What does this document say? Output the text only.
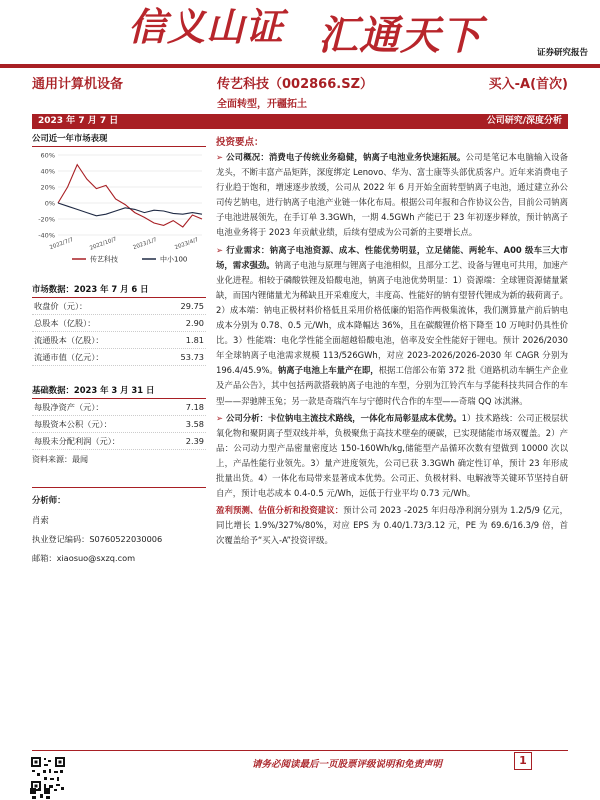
信义山证 汇通天下	证券研究报告
通用计算机设备	传艺科技（002866.SZ）	买入-A(首次)
全面转型，开疆拓土
2023 年 7 月 7 日	公司研究/深度分析
公司近一年市场表现
60%
40%
20%
0%
-20%
-40%
2022/7/7	2022/10/7	2023/1/7	2023/4/7
传艺科技	中小100
市场数据：2023 年 7 月 6 日
收盘价（元）：	29.75
总股本（亿股）：	2.90
流通股本（亿股）：	1.81
流通市值（亿元）：	53.73
基础数据：2023 年 3 月 31 日
每股净资产（元）：	7.18
每股资本公积（元）：	3.58
每股未分配利润（元）：	2.39
资料来源：最闻
分析师：
肖索
执业登记编码：S0760522030006
邮箱：xiaosuo@sxzq.com
投资要点：

➢ 公司概况：消费电子传统业务稳健，钠离子电池业务快速拓展。公司是笔记本电脑输入设备龙头，不断丰富产品矩阵，深度绑定 Lenovo、华为、富士康等头部优质客户。近年来消费电子行业趋于饱和，增速逐步放缓，公司从 2022 年 6 月开始全面转型钠离子电池，通过建立孙公司传艺钠电，进行钠离子电池产业链一体化布局。根据公司年报和合作协议公告，目前公司钠离子电池进展领先，在手订单 3.3GWh，一期 4.5GWh 产能已于 23 年初逐步释放，预计钠离子电池业务将于 2023 年贡献业绩，后续有望成为公司新的主要增长点。

➢ 行业需求：钠离子电池资源、成本、性能优势明显，立足储能、两轮车、A00 级车三大市场，需求强劲。钠离子电池与原理与锂离子电池相似，且部分工艺、设备与锂电可共用，加速产业化进程。相较于磷酸铁锂及铅酸电池，钠离子电池优势明显：1）资源端：全球锂资源储量紧缺，而国内锂储量尤为稀缺且开采难度大，丰度高、性能好的钠有望替代锂成为新的载荷离子。2）成本端：钠电正极材料价格低且采用价格低廉的铝箔作两极集流体，我们测算量产前后钠电成本分别为 0.78、0.5 元/Wh，成本降幅达 36%，且在碳酸锂价格下降至 10 万吨时仍具性价比。3）性能端：电化学性能全面超越铅酸电池，倍率及安全性能好于锂电。预计 2026/2030 年全球钠离子电池需求规模 113/526GWh，对应 2023-2026/2026-2030 年 CAGR 分别为 196.4/45.9%。钠离子电池上车量产在即，根据工信部公布第 372 批《道路机动车辆生产企业及产品公告》，其中包括两款搭载钠离子电池的车型，分别为江铃汽车与孚能科技共同合作的车型——羿驰牌玉兔；另一款是奇瑞汽车与宁德时代合作的车型——奇瑞 QQ 冰淇淋。

➢ 公司分析：卡位钠电主流技术路线，一体化布局彰显成本优势。1）技术路线：公司正极层状氧化物和聚阴离子型双线并举，负极聚焦于高技术壁垒的硬碳，已实现储能市场双覆盖。2）产品：公司动力型产品密量密度达 150-160Wh/kg,储能型产品循环次数有望做到 10000 次以上，产品性能行业领先。3）量产进度领先，公司已获 3.3GWh 确定性订单，预计 23 年形成批量出货。4）一体化布局带来显著成本优势。公司正、负极材料、电解液等关键环节坚持自研自产，预计电芯成本 0.4-0.5 元/Wh，远低于行业平均 0.73 元/Wh。

盈利预测、估值分析和投资建议：预计公司 2023 -2025 年归母净利润分别为 1.2/5/9 亿元，同比增长 1.9%/327%/80%，对应 EPS 为 0.40/1.73/3.12 元，PE 为 69.6/16.3/9 倍，首次覆盖给予“买入-A”投资评级。

请务必阅读最后一页股票评级说明和免责声明	1
